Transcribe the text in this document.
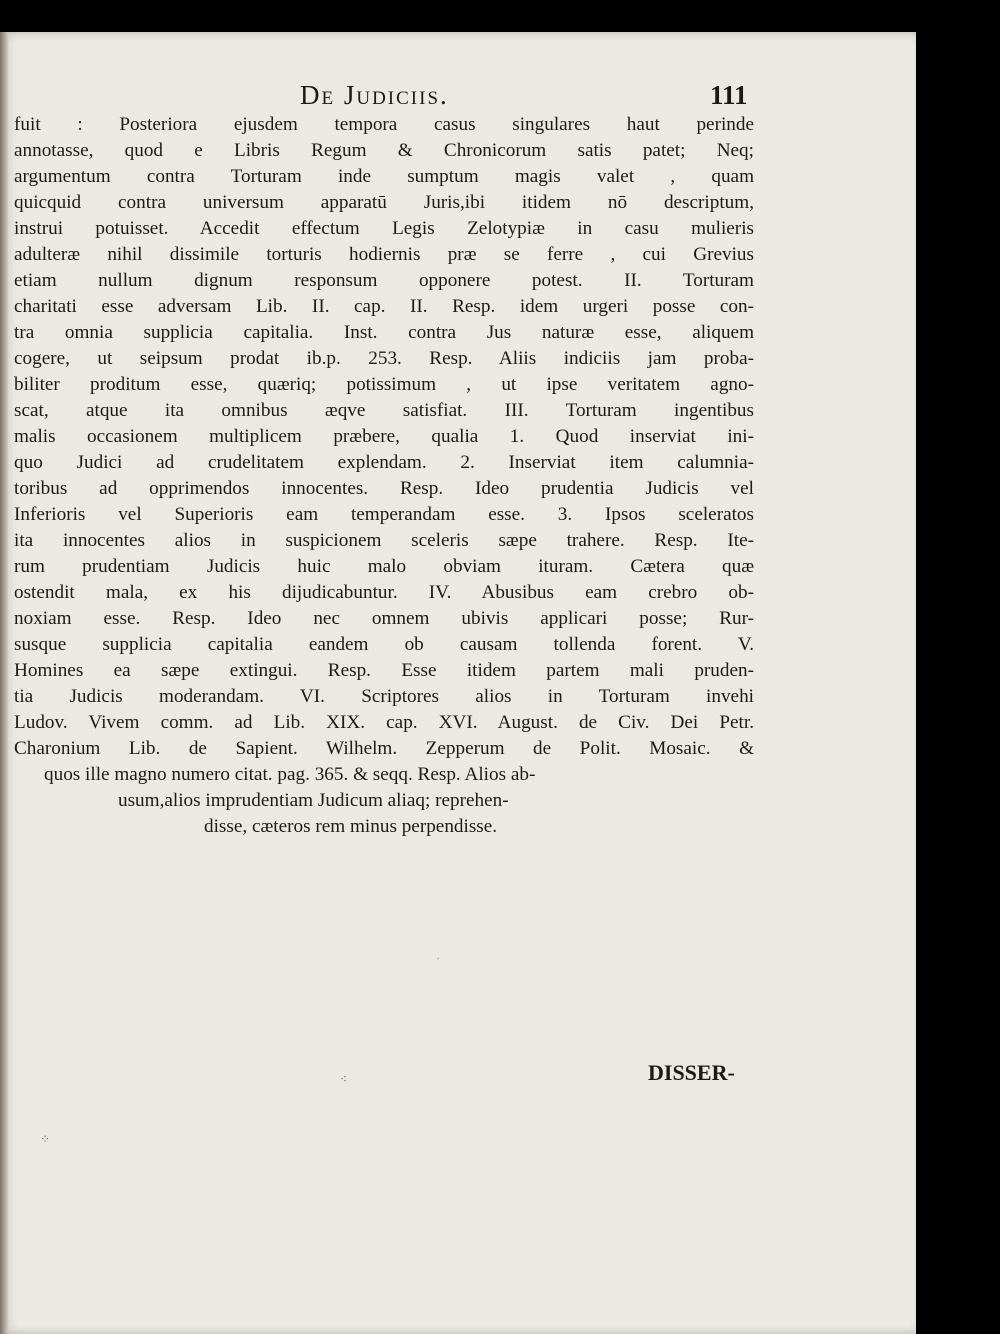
De Judiciis.	111
fuit : Posteriora ejusdem tempora casus singulares haut perinde
annotasse, quod e Libris Regum & Chronicorum satis patet; Neq;
argumentum contra Torturam inde sumptum magis valet , quam
quicquid contra universum apparatū Juris,ibi itidem nō descriptum,
instrui potuisset. Accedit effectum Legis Zelotypiæ in casu mulieris
adulteræ nihil dissimile torturis hodiernis præ se ferre , cui Grevius
etiam nullum dignum responsum opponere potest. II. Torturam
charitati esse adversam Lib. II. cap. II. Resp. idem urgeri posse con-
tra omnia supplicia capitalia. Inst. contra Jus naturæ esse, aliquem
cogere, ut seipsum prodat ib.p. 253. Resp. Aliis indiciis jam proba-
biliter proditum esse, quæriq; potissimum , ut ipse veritatem agno-
scat, atque ita omnibus æqve satisfiat. III. Torturam ingentibus
malis occasionem multiplicem præbere, qualia 1. Quod inserviat ini-
quo Judici ad crudelitatem explendam. 2. Inserviat item calumnia-
toribus ad opprimendos innocentes. Resp. Ideo prudentia Judicis vel
Inferioris vel Superioris eam temperandam esse. 3. Ipsos sceleratos
ita innocentes alios in suspicionem sceleris sæpe trahere. Resp. Ite-
rum prudentiam Judicis huic malo obviam ituram. Cætera quæ
ostendit mala, ex his dijudicabuntur. IV. Abusibus eam crebro ob-
noxiam esse. Resp. Ideo nec omnem ubivis applicari posse; Rur-
susque supplicia capitalia eandem ob causam tollenda forent. V.
Homines ea sæpe extingui. Resp. Esse itidem partem mali pruden-
tia Judicis moderandam. VI. Scriptores alios in Torturam invehi
Ludov. Vivem comm. ad Lib. XIX. cap. XVI. August. de Civ. Dei Petr.
Charonium Lib. de Sapient. Wilhelm. Zepperum de Polit. Mosaic. &
quos ille magno numero citat. pag. 365. & seqq. Resp. Alios ab-
usum,alios imprudentiam Judicum aliaq; reprehen-
disse, cæteros rem minus perpendisse.
DISSER-
ˈ
⁖
⁘
